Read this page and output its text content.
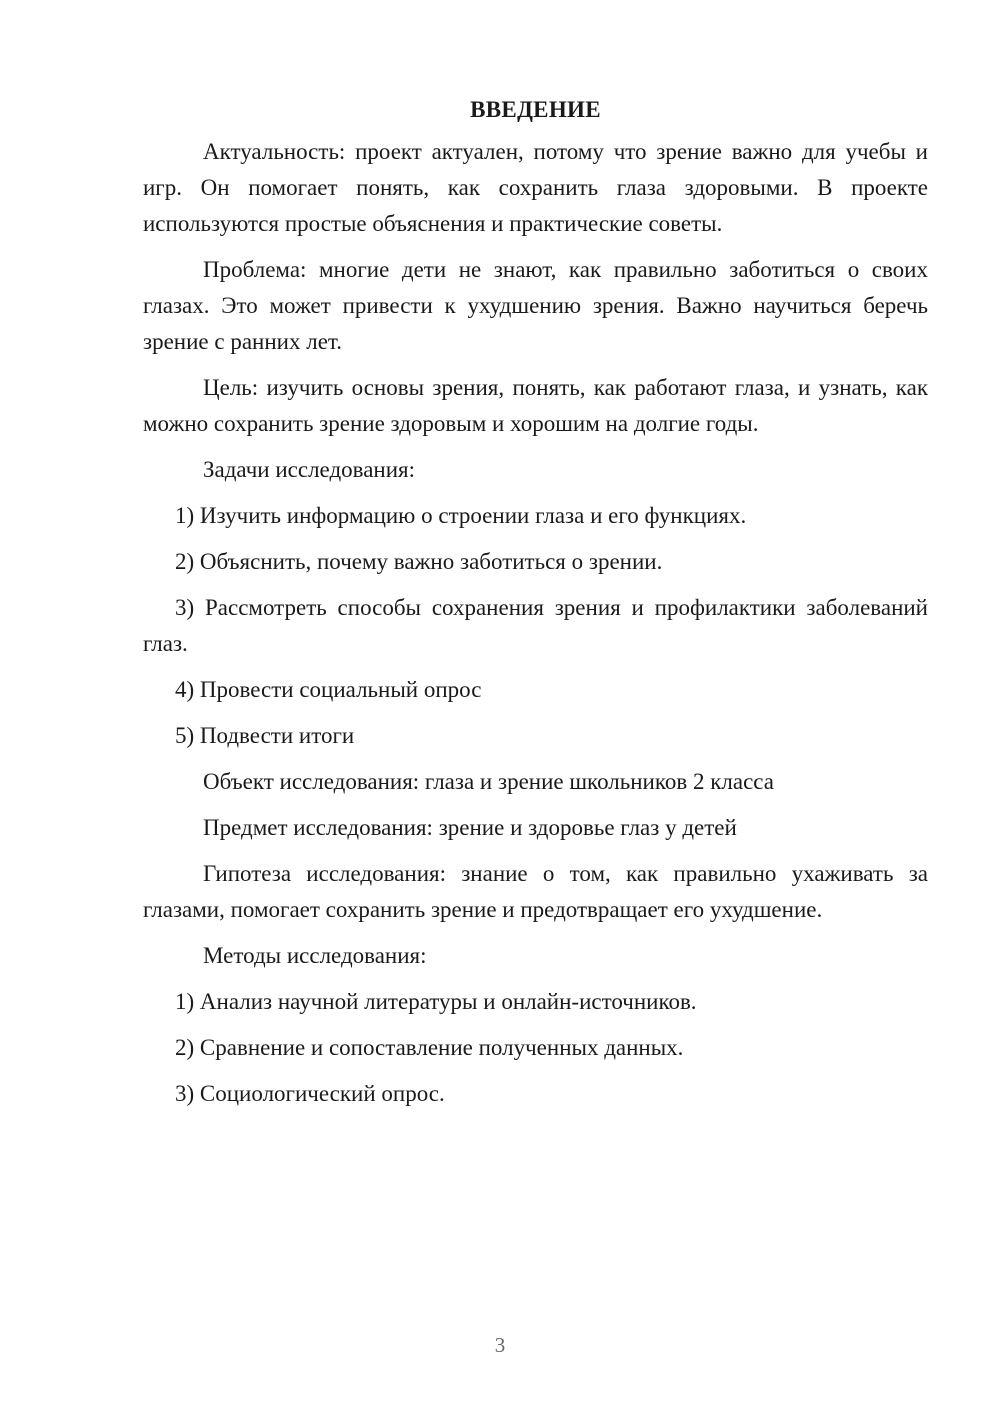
ВВЕДЕНИЕ

Актуальность: проект актуален, потому что зрение важно для учебы и игр. Он помогает понять, как сохранить глаза здоровыми. В проекте используются простые объяснения и практические советы.

Проблема: многие дети не знают, как правильно заботиться о своих глазах. Это может привести к ухудшению зрения. Важно научиться беречь зрение с ранних лет.

Цель: изучить основы зрения, понять, как работают глаза, и узнать, как можно сохранить зрение здоровым и хорошим на долгие годы.

Задачи исследования:

1) Изучить информацию о строении глаза и его функциях.

2) Объяснить, почему важно заботиться о зрении.

3) Рассмотреть способы сохранения зрения и профилактики заболеваний глаз.

4) Провести социальный опрос

5) Подвести итоги

Объект исследования: глаза и зрение школьников 2 класса

Предмет исследования: зрение и здоровье глаз у детей

Гипотеза исследования: знание о том, как правильно ухаживать за глазами, помогает сохранить зрение и предотвращает его ухудшение.

Методы исследования:

1) Анализ научной литературы и онлайн-источников.

2) Сравнение и сопоставление полученных данных.

3) Социологический опрос.

3
